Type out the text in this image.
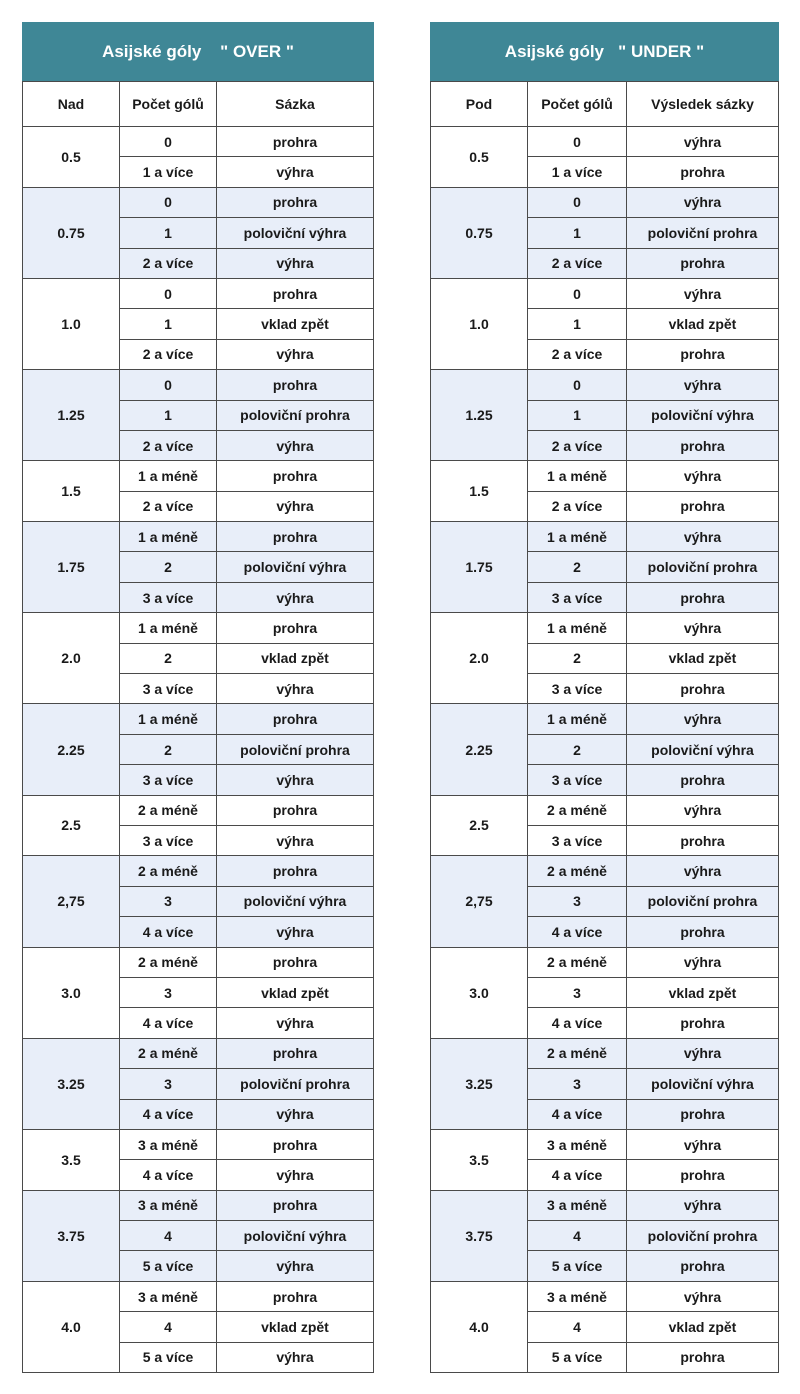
Asijské góly    " OVER "
Nad	Počet gólů	Sázka
0.5	0	prohra
	1 a více	výhra
0.75	0	prohra
	1	poloviční výhra
	2 a více	výhra
1.0	0	prohra
	1	vklad zpět
	2 a více	výhra
1.25	0	prohra
	1	poloviční prohra
	2 a více	výhra
1.5	1 a méně	prohra
	2 a více	výhra
1.75	1 a méně	prohra
	2	poloviční výhra
	3 a více	výhra
2.0	1 a méně	prohra
	2	vklad zpět
	3 a více	výhra
2.25	1 a méně	prohra
	2	poloviční prohra
	3 a více	výhra
2.5	2 a méně	prohra
	3 a více	výhra
2,75	2 a méně	prohra
	3	poloviční výhra
	4 a více	výhra
3.0	2 a méně	prohra
	3	vklad zpět
	4 a více	výhra
3.25	2 a méně	prohra
	3	poloviční prohra
	4 a více	výhra
3.5	3 a méně	prohra
	4 a více	výhra
3.75	3 a méně	prohra
	4	poloviční výhra
	5 a více	výhra
4.0	3 a méně	prohra
	4	vklad zpět
	5 a více	výhra
Asijské góly   " UNDER "
Pod	Počet gólů	Výsledek sázky
0.5	0	výhra
	1 a více	prohra
0.75	0	výhra
	1	poloviční prohra
	2 a více	prohra
1.0	0	výhra
	1	vklad zpět
	2 a více	prohra
1.25	0	výhra
	1	poloviční výhra
	2 a více	prohra
1.5	1 a méně	výhra
	2 a více	prohra
1.75	1 a méně	výhra
	2	poloviční prohra
	3 a více	prohra
2.0	1 a méně	výhra
	2	vklad zpět
	3 a více	prohra
2.25	1 a méně	výhra
	2	poloviční výhra
	3 a více	prohra
2.5	2 a méně	výhra
	3 a více	prohra
2,75	2 a méně	výhra
	3	poloviční prohra
	4 a více	prohra
3.0	2 a méně	výhra
	3	vklad zpět
	4 a více	prohra
3.25	2 a méně	výhra
	3	poloviční výhra
	4 a více	prohra
3.5	3 a méně	výhra
	4 a více	prohra
3.75	3 a méně	výhra
	4	poloviční prohra
	5 a více	prohra
4.0	3 a méně	výhra
	4	vklad zpět
	5 a více	prohra
